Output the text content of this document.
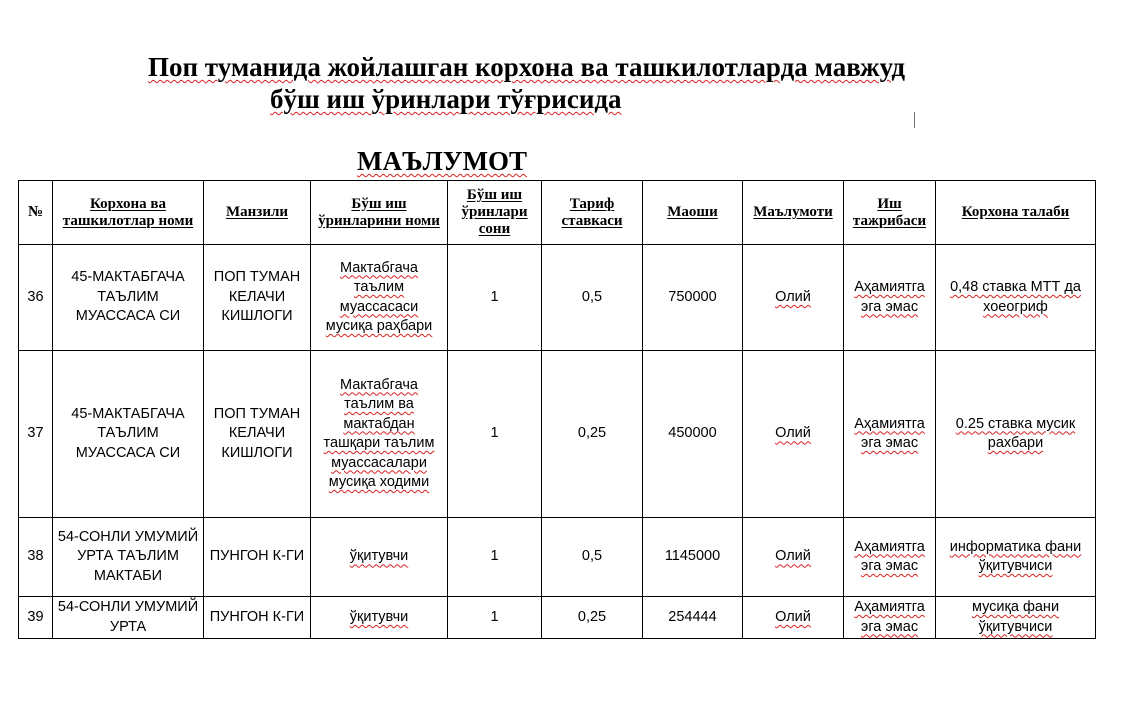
Поп туманида жойлашган корхона ва ташкилотларда мавжуд
бўш иш ўринлари тўғрисида
МАЪЛУМОТ
№	Корхона ва ташкилотлар номи	Манзили	Бўш иш ўринларини номи	Бўш иш ўринлари сони	Тариф ставкаси	Маоши	Маълумоти	Иш тажрибаси	Корхона талаби
36	45-МАКТАБГАЧА ТАЪЛИМ МУАССАСА СИ	ПОП ТУМАН КЕЛАЧИ КИШЛОГИ	Мактабгача таълим муассасаси мусиқа раҳбари	1	0,5	750000	Олий	Аҳамиятга эга эмас	0,48 ставка МТТ да хоеогриф
37	45-МАКТАБГАЧА ТАЪЛИМ МУАССАСА СИ	ПОП ТУМАН КЕЛАЧИ КИШЛОГИ	Мактабгача таълим ва мактабдан ташқари таълим муассасалари мусиқа ходими	1	0,25	450000	Олий	Аҳамиятга эга эмас	0.25 ставка мусик рахбари
38	54-СОНЛИ УМУМИЙ УРТА ТАЪЛИМ МАКТАБИ	ПУНГОН К-ГИ	ўқитувчи	1	0,5	1145000	Олий	Аҳамиятга эга эмас	информатика фани ўқитувчиси
39	54-СОНЛИ УМУМИЙ УРТА	ПУНГОН К-ГИ	ўқитувчи	1	0,25	254444	Олий	Аҳамиятга эга эмас	мусиқа фани ўқитувчиси
